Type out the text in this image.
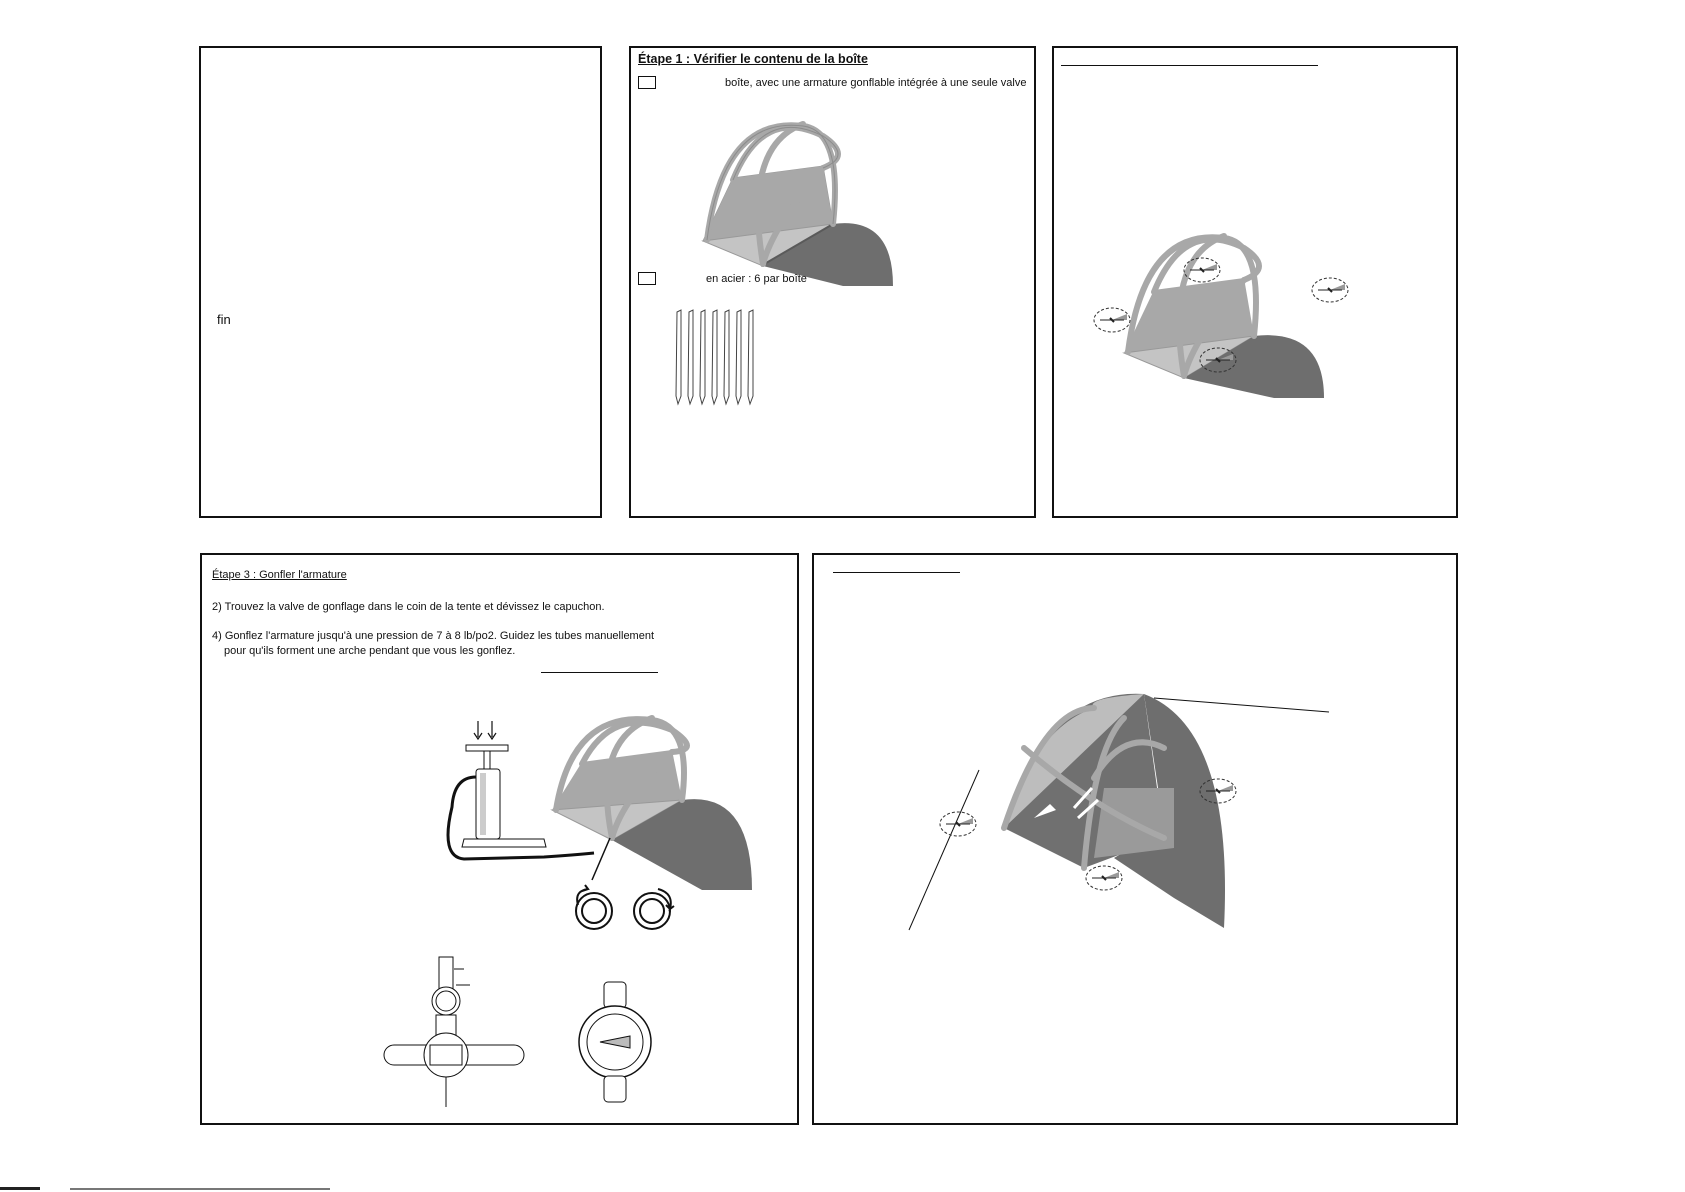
fin
Étape 1 : Vérifier le contenu de la boîte
boîte, avec une armature gonflable intégrée à une seule valve
en acier : 6 par boîte
Étape 3 : Gonfler l'armature
2) Trouvez la valve de gonflage dans le coin de la tente et dévissez le capuchon.
4) Gonflez l'armature jusqu'à une pression de 7 à 8 lb/po2. Guidez les tubes manuellement
pour qu'ils forment une arche pendant que vous les gonflez.
